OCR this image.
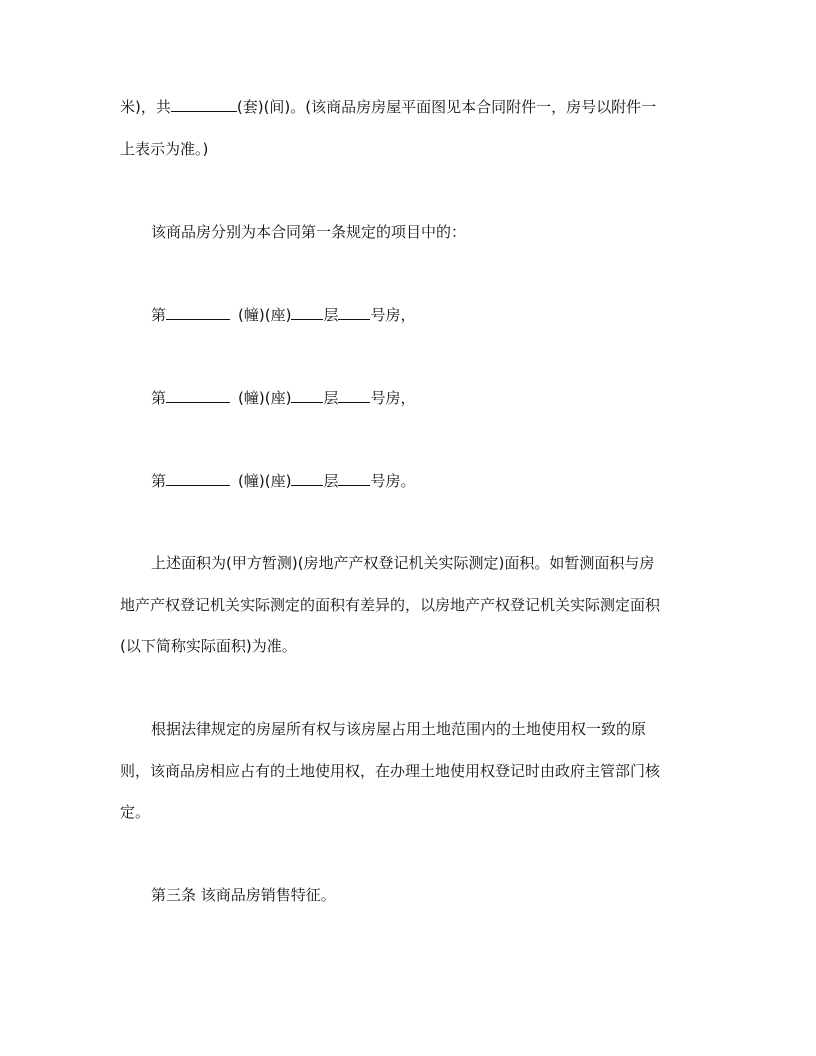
米)，共	(套)(间)。(该商品房房屋平面图见本合同附件一，房号以附件一
上表示为准。)
该商品房分别为本合同第一条规定的项目中的：
第	(幢)(座) 层 号房，
第	(幢)(座) 层 号房，
第	(幢)(座) 层 号房。
上述面积为(甲方暂测)(房地产产权登记机关实际测定)面积。如暂测面积与房
地产产权登记机关实际测定的面积有差异的，以房地产产权登记机关实际测定面积
(以下简称实际面积)为准。
根据法律规定的房屋所有权与该房屋占用土地范围内的土地使用权一致的原
则，该商品房相应占有的土地使用权，在办理土地使用权登记时由政府主管部门核
定。
第三条 该商品房销售特征。
